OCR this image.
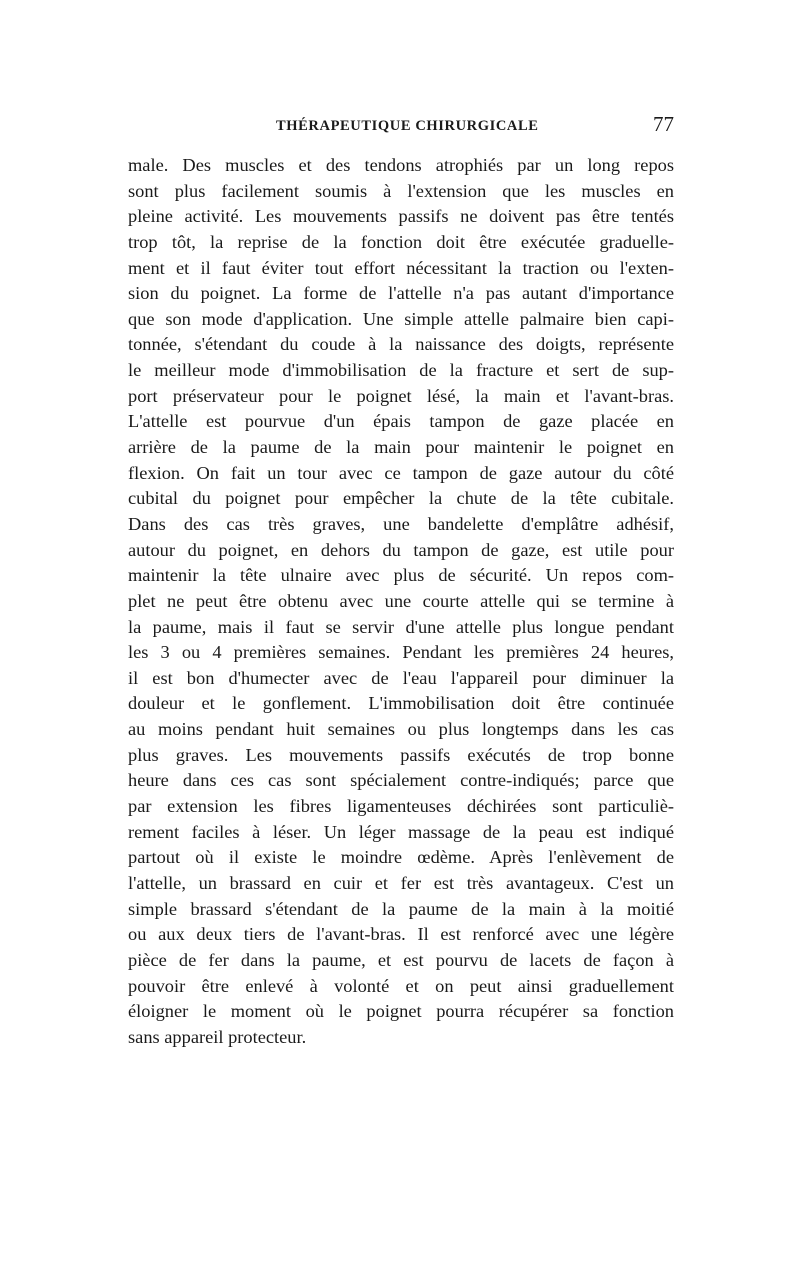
THÉRAPEUTIQUE CHIRURGICALE	77
male. Des muscles et des tendons atrophiés par un long repos
sont plus facilement soumis à l'extension que les muscles en
pleine activité. Les mouvements passifs ne doivent pas être tentés
trop tôt, la reprise de la fonction doit être exécutée graduelle-
ment et il faut éviter tout effort nécessitant la traction ou l'exten-
sion du poignet. La forme de l'attelle n'a pas autant d'importance
que son mode d'application. Une simple attelle palmaire bien capi-
tonnée, s'étendant du coude à la naissance des doigts, représente
le meilleur mode d'immobilisation de la fracture et sert de sup-
port préservateur pour le poignet lésé, la main et l'avant-bras.
L'attelle est pourvue d'un épais tampon de gaze placée en
arrière de la paume de la main pour maintenir le poignet en
flexion. On fait un tour avec ce tampon de gaze autour du côté
cubital du poignet pour empêcher la chute de la tête cubitale.
Dans des cas très graves, une bandelette d'emplâtre adhésif,
autour du poignet, en dehors du tampon de gaze, est utile pour
maintenir la tête ulnaire avec plus de sécurité. Un repos com-
plet ne peut être obtenu avec une courte attelle qui se termine à
la paume, mais il faut se servir d'une attelle plus longue pendant
les 3 ou 4 premières semaines. Pendant les premières 24 heures,
il est bon d'humecter avec de l'eau l'appareil pour diminuer la
douleur et le gonflement. L'immobilisation doit être continuée
au moins pendant huit semaines ou plus longtemps dans les cas
plus graves. Les mouvements passifs exécutés de trop bonne
heure dans ces cas sont spécialement contre-indiqués; parce que
par extension les fibres ligamenteuses déchirées sont particuliè-
rement faciles à léser. Un léger massage de la peau est indiqué
partout où il existe le moindre œdème. Après l'enlèvement de
l'attelle, un brassard en cuir et fer est très avantageux. C'est un
simple brassard s'étendant de la paume de la main à la moitié
ou aux deux tiers de l'avant-bras. Il est renforcé avec une légère
pièce de fer dans la paume, et est pourvu de lacets de façon à
pouvoir être enlevé à volonté et on peut ainsi graduellement
éloigner le moment où le poignet pourra récupérer sa fonction
sans appareil protecteur.
